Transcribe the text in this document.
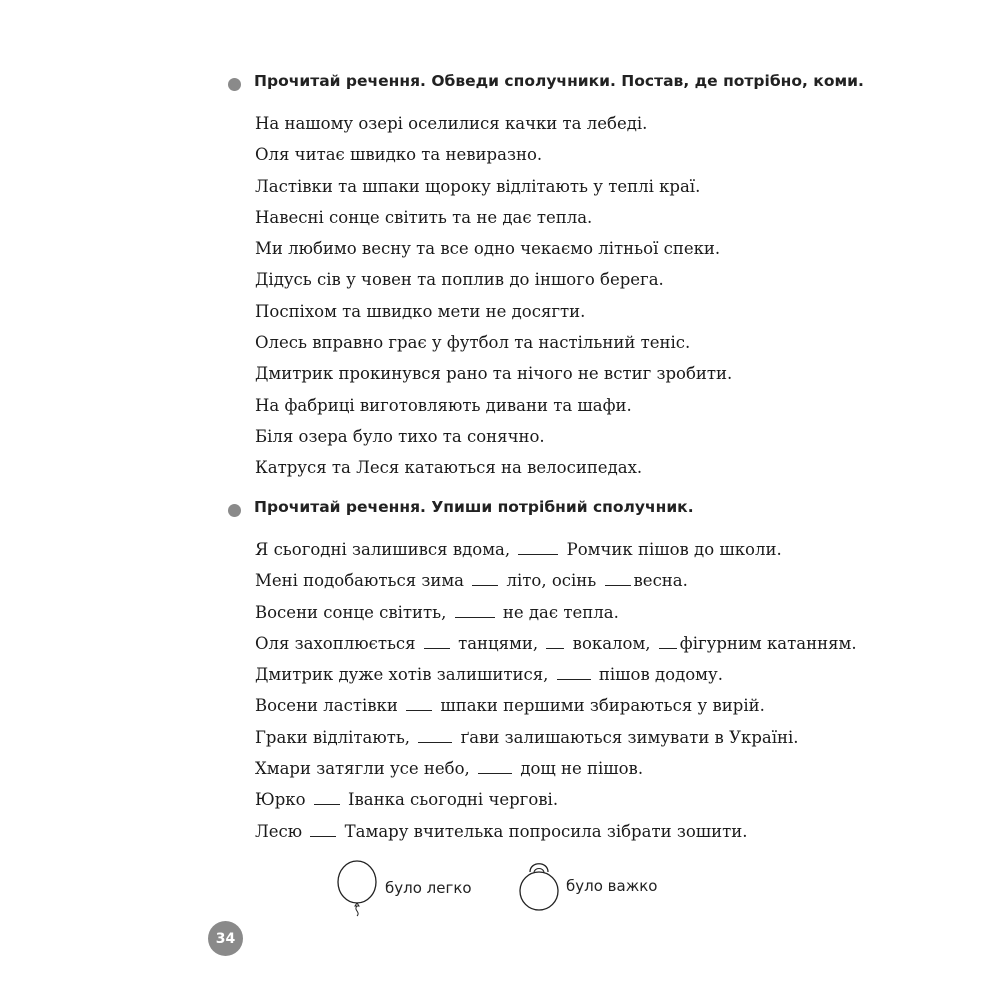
Прочитай речення. Обведи сполучники. Постав, де потрібно, коми.
На нашому озері оселилися качки та лебеді.
Оля читає швидко та невиразно.
Ластівки та шпаки щороку відлітають у теплі краї.
Навесні сонце світить та не дає тепла.
Ми любимо весну та все одно чекаємо літньої спеки.
Дідусь сів у човен та поплив до іншого берега.
Поспіхом та швидко мети не досягти.
Олесь вправно грає у футбол та настільний теніс.
Дмитрик прокинувся рано та нічого не встиг зробити.
На фабриці виготовляють дивани та шафи.
Біля озера було тихо та сонячно.
Катруся та Леся катаються на велосипедах.
Прочитай речення. Упиши потрібний сполучник.
Я сьогодні залишився вдома,	Ромчик пішов до школи.
Мені подобаються зима	літо, осінь весна.
Восени сонце світить,	не дає тепла.
Оля захоплюється	танцями, вокалом, фігурним катанням.
Дмитрик дуже хотів залишитися,	пішов додому.
Восени ластівки	шпаки першими збираються у вирій.
Граки відлітають,	ґави залишаються зимувати в Україні.
Хмари затягли усе небо,	дощ не пішов.
Юрко	Іванка сьогодні чергові.
Лесю	Тамару вчителька попросила зібрати зошити.
було легко	було важко
34
